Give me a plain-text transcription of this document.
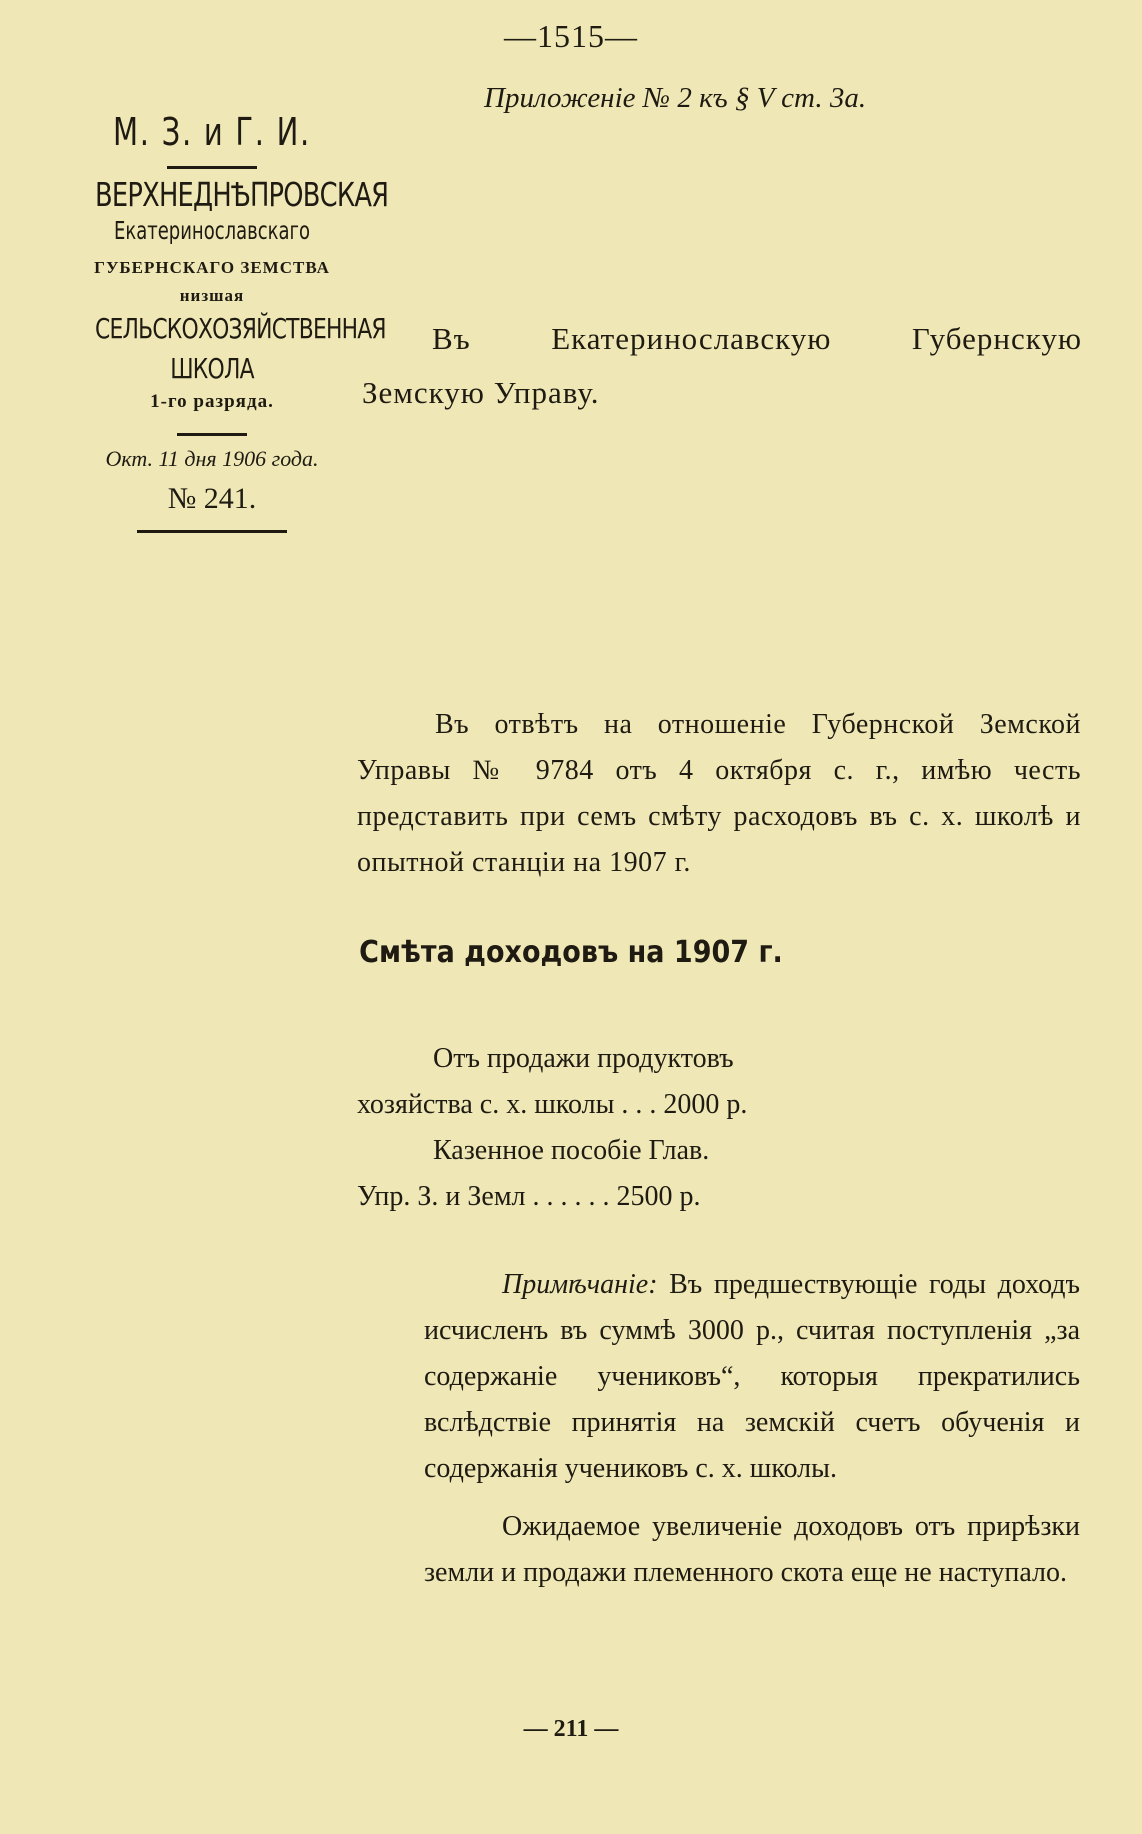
—1515—
Приложенiе № 2 къ § V ст. 3а.
М. З. и Г. И.
ВЕРХНЕДНѢПРОВСКАЯ
Екатеринославскаго
ГУБЕРНСКАГО ЗЕМСТВА
низшая
СЕЛЬСКОХОЗЯЙСТВЕННАЯ ШКОЛА
1-го разряда.
Окт. 11 дня 1906 года.
№ 241.
Въ Екатеринославскую Губернскую
Земскую Управу.

Въ отвѣтъ на отношенiе Губернской Земской Управы № 9784 отъ 4 октября с. г., имѣю честь представить при семъ смѣту расходовъ въ с. х. школѣ и опытной станцiи на 1907 г.

Смѣта доходовъ на 1907 г.
Отъ продажи продуктовъ
хозяйства с. х. школы . . . 2000 р.
Казенное пособiе Глав.
Упр. З. и Земл . . . . . . 2500 р.

Примѣчанiе: Въ предшествующiе годы доходъ исчисленъ въ суммѣ 3000 р., считая поступленiя „за содержанiе учениковъ“, которыя прекратились вслѣдствiе принятiя на земскiй счетъ обученiя и содержанiя учениковъ с. х. школы.

Ожидаемое увеличенiе доходовъ отъ прирѣзки земли и продажи племенного скота еще не наступало.

— 211 —
